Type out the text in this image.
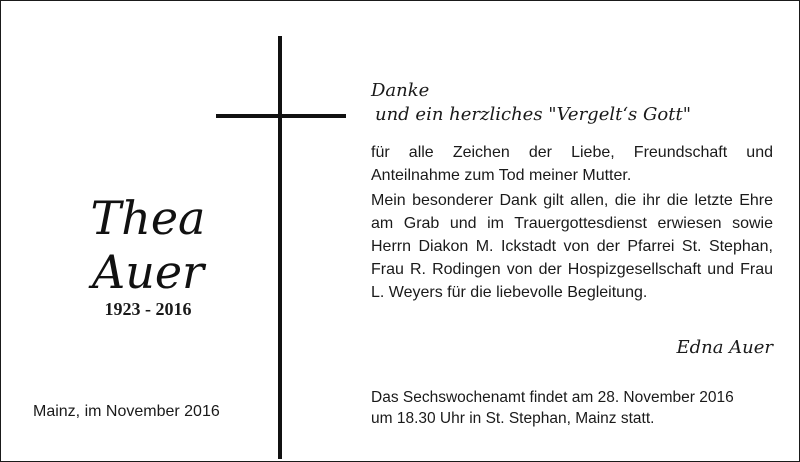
Thea
Auer
1923 - 2016
Mainz, im November 2016
Danke
und ein herzliches "Vergelt‘s Gott"

für alle Zeichen der Liebe, Freundschaft und Anteilnahme zum Tod meiner Mutter.

Mein besonderer Dank gilt allen, die ihr die letzte Ehre am Grab und im Trauergottesdienst erwiesen sowie Herrn Diakon M. Ickstadt von der Pfarrei St. Stephan, Frau R. Rodingen von der Hospizgesellschaft und Frau L. Weyers für die liebevolle Begleitung.

Edna Auer
Das Sechswochenamt findet am 28. November 2016
um 18.30 Uhr in St. Stephan, Mainz statt.
